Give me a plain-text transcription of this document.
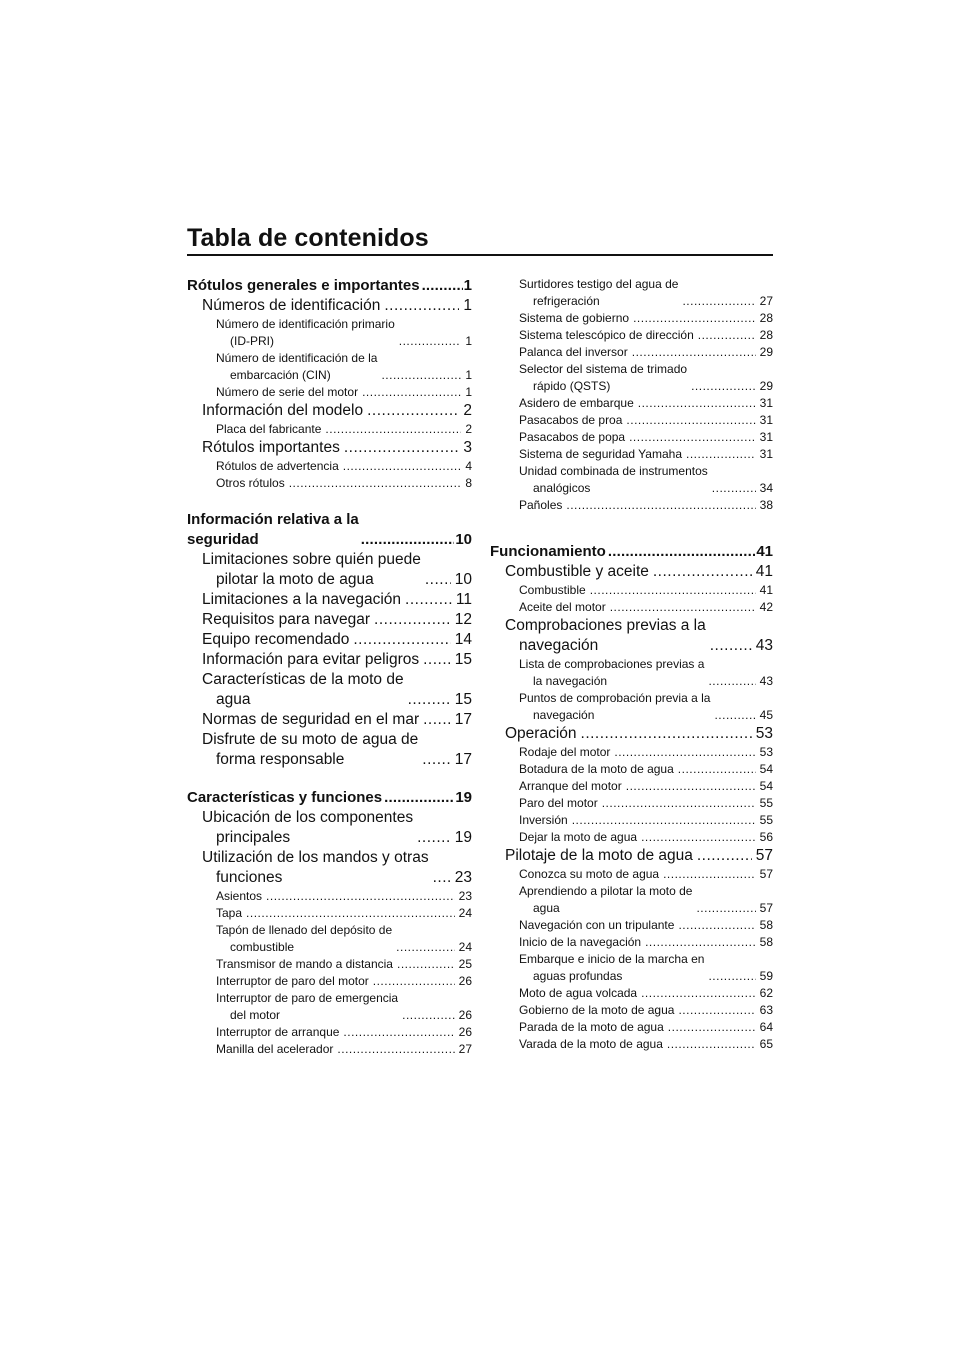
Tabla de contenidos
Rótulos generales e importantes .....	1
Números de identificación .....	1
Número de identificación primario
(ID-PRI) .....	1
Número de identificación de la
embarcación (CIN) .....	1
Número de serie del motor .....	1
Información del modelo .....	2
Placa del fabricante .....	2
Rótulos importantes .....	3
Rótulos de advertencia .....	4
Otros rótulos .....	8
Información relativa a la
seguridad .....	10
Limitaciones sobre quién puede
pilotar la moto de agua .....	10
Limitaciones a la navegación .....	11
Requisitos para navegar .....	12
Equipo recomendado .....	14
Información para evitar peligros ..... 15
Características de la moto de
agua .....	15
Normas de seguridad en el mar ..... 17
Disfrute de su moto de agua de
forma responsable .....	17
Características y funciones .....	19
Ubicación de los componentes
principales .....	19
Utilización de los mandos y otras
funciones .....	23
Asientos .....	23
Tapa .....	24
Tapón de llenado del depósito de
combustible .....	24
Transmisor de mando a distancia .....	25
Interruptor de paro del motor .....	26
Interruptor de paro de emergencia
del motor .....	26
Interruptor de arranque .....	26
Manilla del acelerador .....	27
Surtidores testigo del agua de
refrigeración .....	27
Sistema de gobierno .....	28
Sistema telescópico de dirección .....	28
Palanca del inversor .....	29
Selector del sistema de trimado
rápido (QSTS) .....	29
Asidero de embarque .....	31
Pasacabos de proa .....	31
Pasacabos de popa .....	31
Sistema de seguridad Yamaha .....	31
Unidad combinada de instrumentos
analógicos .....	34
Pañoles .....	38
Funcionamiento .....	41
Combustible y aceite .....	41
Combustible .....	41
Aceite del motor .....	42
Comprobaciones previas a la
navegación .....	43
Lista de comprobaciones previas a
la navegación .....	43
Puntos de comprobación previa a la
navegación .....	45
Operación .....	53
Rodaje del motor .....	53
Botadura de la moto de agua .....	54
Arranque del motor .....	54
Paro del motor .....	55
Inversión .....	55
Dejar la moto de agua .....	56
Pilotaje de la moto de agua .....	57
Conozca su moto de agua .....	57
Aprendiendo a pilotar la moto de
agua .....	57
Navegación con un tripulante .....	58
Inicio de la navegación .....	58
Embarque e inicio de la marcha en
aguas profundas .....	59
Moto de agua volcada .....	62
Gobierno de la moto de agua .....	63
Parada de la moto de agua .....	64
Varada de la moto de agua .....	65
